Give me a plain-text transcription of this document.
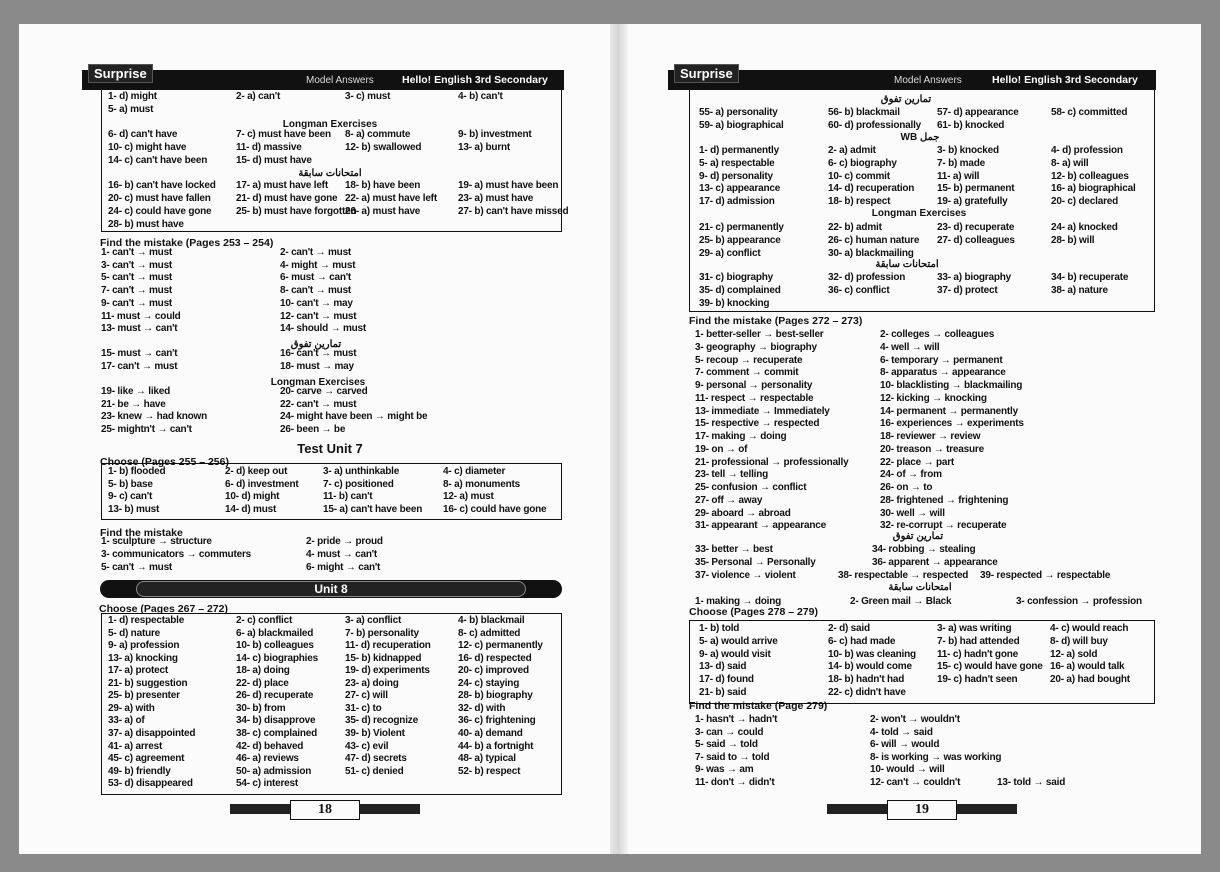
Surprise	Model Answers	Hello! English 3rd Secondary	Surprise	Model Answers	Hello! English 3rd Secondary
Unit 8
18	19
1- d) might	2- a) can't	3- c) must	4- b) can't
5- a) must
Longman Exercises
6- d) can't have	7- c) must have been 8- a) commute	9- b) investment
10- c) might have	11- d) massive	12- b) swallowed	13- a) burnt
14- c) can't have been	15- d) must have
امتحانات سابقة
16- b) can't have locked 17- a) must have left 18- b) have been	19- a) must have been
20- c) must have fallen	21- d) must have gone 22- a) must have left 23- a) must have
24- c) could have gone 25- b) must have forgotten
26- a) must have	27- b) can't have missed
28- b) must have
Find the mistake (Pages 253 – 254)
1- can't → must	2- can't → must
3- can't → must	4- might → must
5- can't → must	6- must → can't
7- can't → must	8- can't → must
9- can't → must	10- can't → may
11- must → could	12- can't → must
13- must → can't	14- should → must
تمارين تفوق
15- must → can't	16- can't → must
17- can't → must	18- must → may
Longman Exercises
19- like → liked	20- carve → carved
21- be → have	22- can't → must
23- knew → had known	24- might have been → might be
25- mightn't → can't	26- been → be
Test Unit 7
Choose (Pages 255 – 256)
1- b) flooded	2- d) keep out	3- a) unthinkable	4- c) diameter
5- b) base	6- d) investment 7- c) positioned	8- a) monuments
9- c) can't	10- d) might	11- b) can't	12- a) must
13- b) must	14- d) must	15- a) can't have been 16- c) could have gone
Find the mistake
1- sculpture → structure	2- pride → proud
3- communicators → commuters	4- must → can't
5- can't → must	6- might → can't
Choose (Pages 267 – 272)
1- d) respectable	2- c) conflict	3- a) conflict	4- b) blackmail
5- d) nature	6- a) blackmailed	7- b) personality	8- c) admitted
9- a) profession	10- b) colleagues	11- d) recuperation	12- c) permanently
13- a) knocking	14- c) biographies	15- b) kidnapped	16- d) respected
17- a) protect	18- a) doing	19- d) experiments	20- c) improved
21- b) suggestion	22- d) place	23- a) doing	24- c) staying
25- b) presenter	26- d) recuperate	27- c) will	28- b) biography
29- a) with	30- b) from	31- c) to	32- d) with
33- a) of	34- b) disapprove	35- d) recognize	36- c) frightening
37- a) disappointed	38- c) complained	39- b) Violent	40- a) demand
41- a) arrest	42- d) behaved	43- c) evil	44- b) a fortnight
45- c) agreement	46- a) reviews	47- d) secrets	48- a) typical
49- b) friendly	50- a) admission	51- c) denied	52- b) respect
53- d) disappeared	54- c) interest
تمارين تفوق
55- a) personality	56- b) blackmail	57- d) appearance	58- c) committed
59- a) biographical	60- d) professionally 61- b) knocked
WB جمل
1- d) permanently	2- a) admit	3- b) knocked	4- d) profession
5- a) respectable	6- c) biography	7- b) made	8- a) will
9- d) personality	10- c) commit	11- a) will	12- b) colleagues
13- c) appearance	14- d) recuperation 15- b) permanent	16- a) biographical
17- d) admission	18- b) respect	19- a) gratefully	20- c) declared
Longman Exercises
21- c) permanently	22- b) admit	23- d) recuperate	24- a) knocked
25- b) appearance	26- c) human nature 27- d) colleagues	28- b) will
29- a) conflict	30- a) blackmailing
امتحانات سابقة
31- c) biography	32- d) profession	33- a) biography	34- b) recuperate
35- d) complained	36- c) conflict	37- d) protect	38- a) nature
39- b) knocking
Find the mistake (Pages 272 – 273)
1- better-seller → best-seller	2- colleges → colleagues
3- geography → biography	4- well → will
5- recoup → recuperate	6- temporary → permanent
7- comment → commit	8- apparatus → appearance
9- personal → personality	10- blacklisting → blackmailing
11- respect → respectable	12- kicking → knocking
13- immediate → Immediately	14- permanent → permanently
15- respective → respected	16- experiences → experiments
17- making → doing	18- reviewer → review
19- on → of	20- treason → treasure
21- professional → professionally	22- place → part
23- tell → telling	24- of → from
25- confusion → conflict	26- on → to
27- off → away	28- frightened → frightening
29- aboard → abroad	30- well → will
31- appearant → appearance	32- re-corrupt → recuperate
تمارين تفوق
33- better → best	34- robbing → stealing
35- Personal → Personally	36- apparent → appearance
37- violence → violent	38- respectable → respected 39- respected → respectable
امتحانات سابقة
1- making → doing	2- Green mail → Black	3- confession → profession
Choose (Pages 278 – 279)
1- b) told	2- d) said	3- a) was writing	4- c) would reach
5- a) would arrive	6- c) had made	7- b) had attended	8- d) will buy
9- a) would visit	10- b) was cleaning 11- c) hadn't gone	12- a) sold
13- d) said	14- b) would come	15- c) would have gone 16- a) would talk
17- d) found	18- b) hadn't had	19- c) hadn't seen	20- a) had bought
21- b) said	22- c) didn't have
Find the mistake (Page 279)
1- hasn't → hadn't	2- won't → wouldn't
3- can → could	4- told → said
5- said → told	6- will → would
7- said to → told	8- is working → was working
9- was → am	10- would → will
11- don't → didn't	12- can't → couldn't	13- told → said
